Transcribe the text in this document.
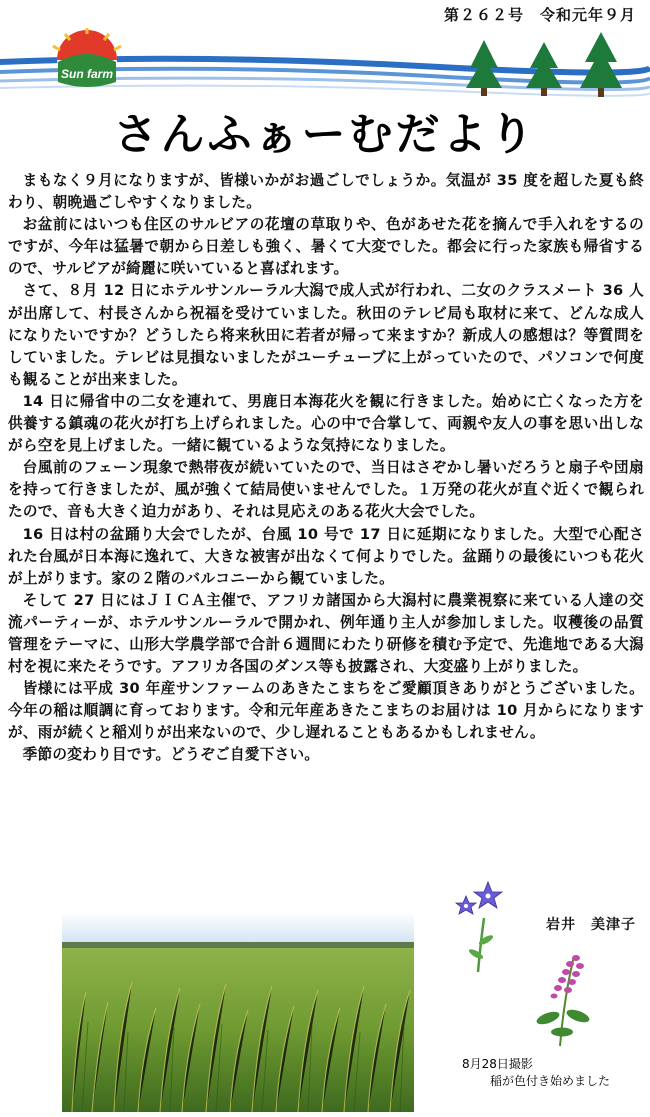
第２６２号　令和元年９月
Sun farm
さんふぁーむだより

まもなく９月になりますが、皆様いかがお過ごしでしょうか。気温が 35 度を超した夏も終わり、朝晩過ごしやすくなりました。

お盆前にはいつも住区のサルビアの花壇の草取りや、色があせた花を摘んで手入れをするのですが、今年は猛暑で朝から日差しも強く、暑くて大変でした。都会に行った家族も帰省するので、サルビアが綺麗に咲いていると喜ばれます。

さて、８月 12 日にホテルサンルーラル大潟で成人式が行われ、二女のクラスメート 36 人が出席して、村長さんから祝福を受けていました。秋田のテレビ局も取材に来て、どんな成人になりたいですか？どうしたら将来秋田に若者が帰って来ますか？新成人の感想は？等質問をしていました。テレビは見損ないましたがユーチューブに上がっていたので、パソコンで何度も観ることが出来ました。

14 日に帰省中の二女を連れて、男鹿日本海花火を観に行きました。始めに亡くなった方を供養する鎮魂の花火が打ち上げられました。心の中で合掌して、両親や友人の事を思い出しながら空を見上げました。一緒に観ているような気持になりました。

台風前のフェーン現象で熱帯夜が続いていたので、当日はさぞかし暑いだろうと扇子や団扇を持って行きましたが、風が強くて結局使いませんでした。１万発の花火が直ぐ近くで観られたので、音も大きく迫力があり、それは見応えのある花火大会でした。

16 日は村の盆踊り大会でしたが、台風 10 号で 17 日に延期になりました。大型で心配された台風が日本海に逸れて、大きな被害が出なくて何よりでした。盆踊りの最後にいつも花火が上がります。家の２階のバルコニーから観ていました。

そして 27 日にはＪＩＣＡ主催で、アフリカ諸国から大潟村に農業視察に来ている人達の交流パーティーが、ホテルサンルーラルで開かれ、例年通り主人が参加しました。収穫後の品質管理をテーマに、山形大学農学部で合計６週間にわたり研修を積む予定で、先進地である大潟村を視に来たそうです。アフリカ各国のダンス等も披露され、大変盛り上がりました。

皆様には平成 30 年産サンファームのあきたこまちをご愛顧頂きありがとうございました。今年の稲は順調に育っております。令和元年産あきたこまちのお届けは 10 月からになりますが、雨が続くと稲刈りが出来ないので、少し遅れることもあるかもしれません。

季節の変わり目です。どうぞご自愛下さい。

岩井　美津子
8月28日撮影
稲が色付き始めました
